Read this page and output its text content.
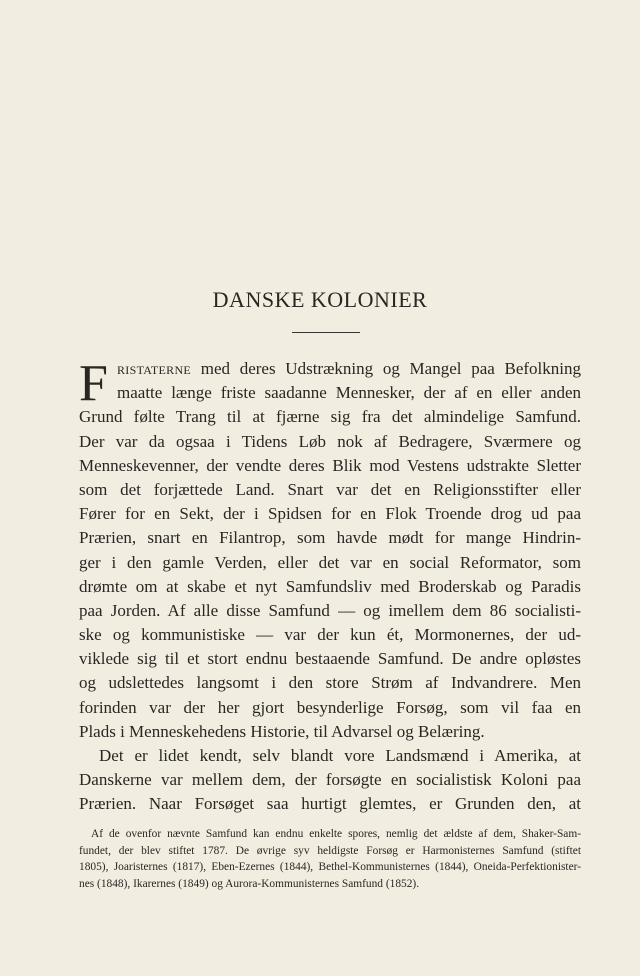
DANSKE KOLONIER
F ristaterne med deres Udstrækning og Mangel paa Befolkning
maatte længe friste saadanne Mennesker, der af en eller anden
Grund følte Trang til at fjærne sig fra det almindelige Samfund.
Der var da ogsaa i Tidens Løb nok af Bedragere, Sværmere og
Menneskevenner, der vendte deres Blik mod Vestens udstrakte Sletter
som det forjættede Land. Snart var det en Religionsstifter eller
Fører for en Sekt, der i Spidsen for en Flok Troende drog ud paa
Prærien, snart en Filantrop, som havde mødt for mange Hindrin-
ger i den gamle Verden, eller det var en social Reformator, som
drømte om at skabe et nyt Samfundsliv med Broderskab og Paradis
paa Jorden. Af alle disse Samfund — og imellem dem 86 socialisti-
ske og kommunistiske — var der kun ét, Mormonernes, der ud-
viklede sig til et stort endnu bestaaende Samfund. De andre opløstes
og udslettedes langsomt i den store Strøm af Indvandrere. Men
forinden var der her gjort besynderlige Forsøg, som vil faa en
Plads i Menneskehedens Historie, til Advarsel og Belæring.
Det er lidet kendt, selv blandt vore Landsmænd i Amerika, at
Danskerne var mellem dem, der forsøgte en socialistisk Koloni paa
Prærien. Naar Forsøget saa hurtigt glemtes, er Grunden den, at
Af de ovenfor nævnte Samfund kan endnu enkelte spores, nemlig det ældste af dem, Shaker-Sam-
fundet, der blev stiftet 1787. De øvrige syv heldigste Forsøg er Harmonisternes Samfund (stiftet
1805), Joaristernes (1817), Eben-Ezernes (1844), Bethel-Kommunisternes (1844), Oneida-Perfektionister-
nes (1848), Ikarernes (1849) og Aurora-Kommunisternes Samfund (1852).
